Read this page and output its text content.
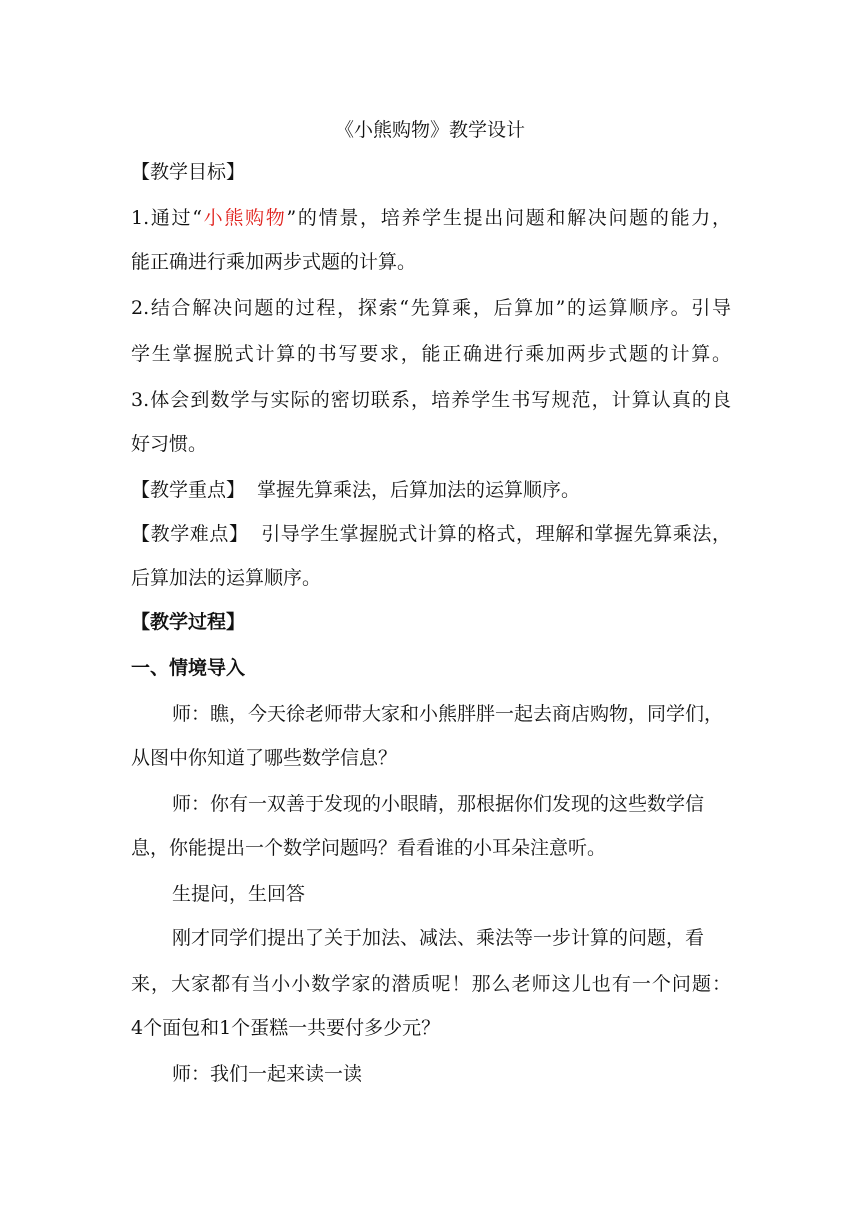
《小熊购物》教学设计
【教学目标】
1.通过“小熊购物”的情景，培养学生提出问题和解决问题的能力，
能正确进行乘加两步式题的计算。
2.结合解决问题的过程，探索“先算乘，后算加”的运算顺序。引导
学生掌握脱式计算的书写要求，能正确进行乘加两步式题的计算。
3.体会到数学与实际的密切联系，培养学生书写规范，计算认真的良
好习惯。
【教学重点】 掌握先算乘法，后算加法的运算顺序。
【教学难点】 引导学生掌握脱式计算的格式，理解和掌握先算乘法，
后算加法的运算顺序。
【教学过程】
一、情境导入
师：瞧，今天徐老师带大家和小熊胖胖一起去商店购物，同学们，
从图中你知道了哪些数学信息？
师：你有一双善于发现的小眼睛，那根据你们发现的这些数学信
息，你能提出一个数学问题吗？看看谁的小耳朵注意听。
生提问，生回答
刚才同学们提出了关于加法、减法、乘法等一步计算的问题，看
来，大家都有当小小数学家的潜质呢！那么老师这儿也有一个问题：
4个面包和1个蛋糕一共要付多少元？
师：我们一起来读一读
